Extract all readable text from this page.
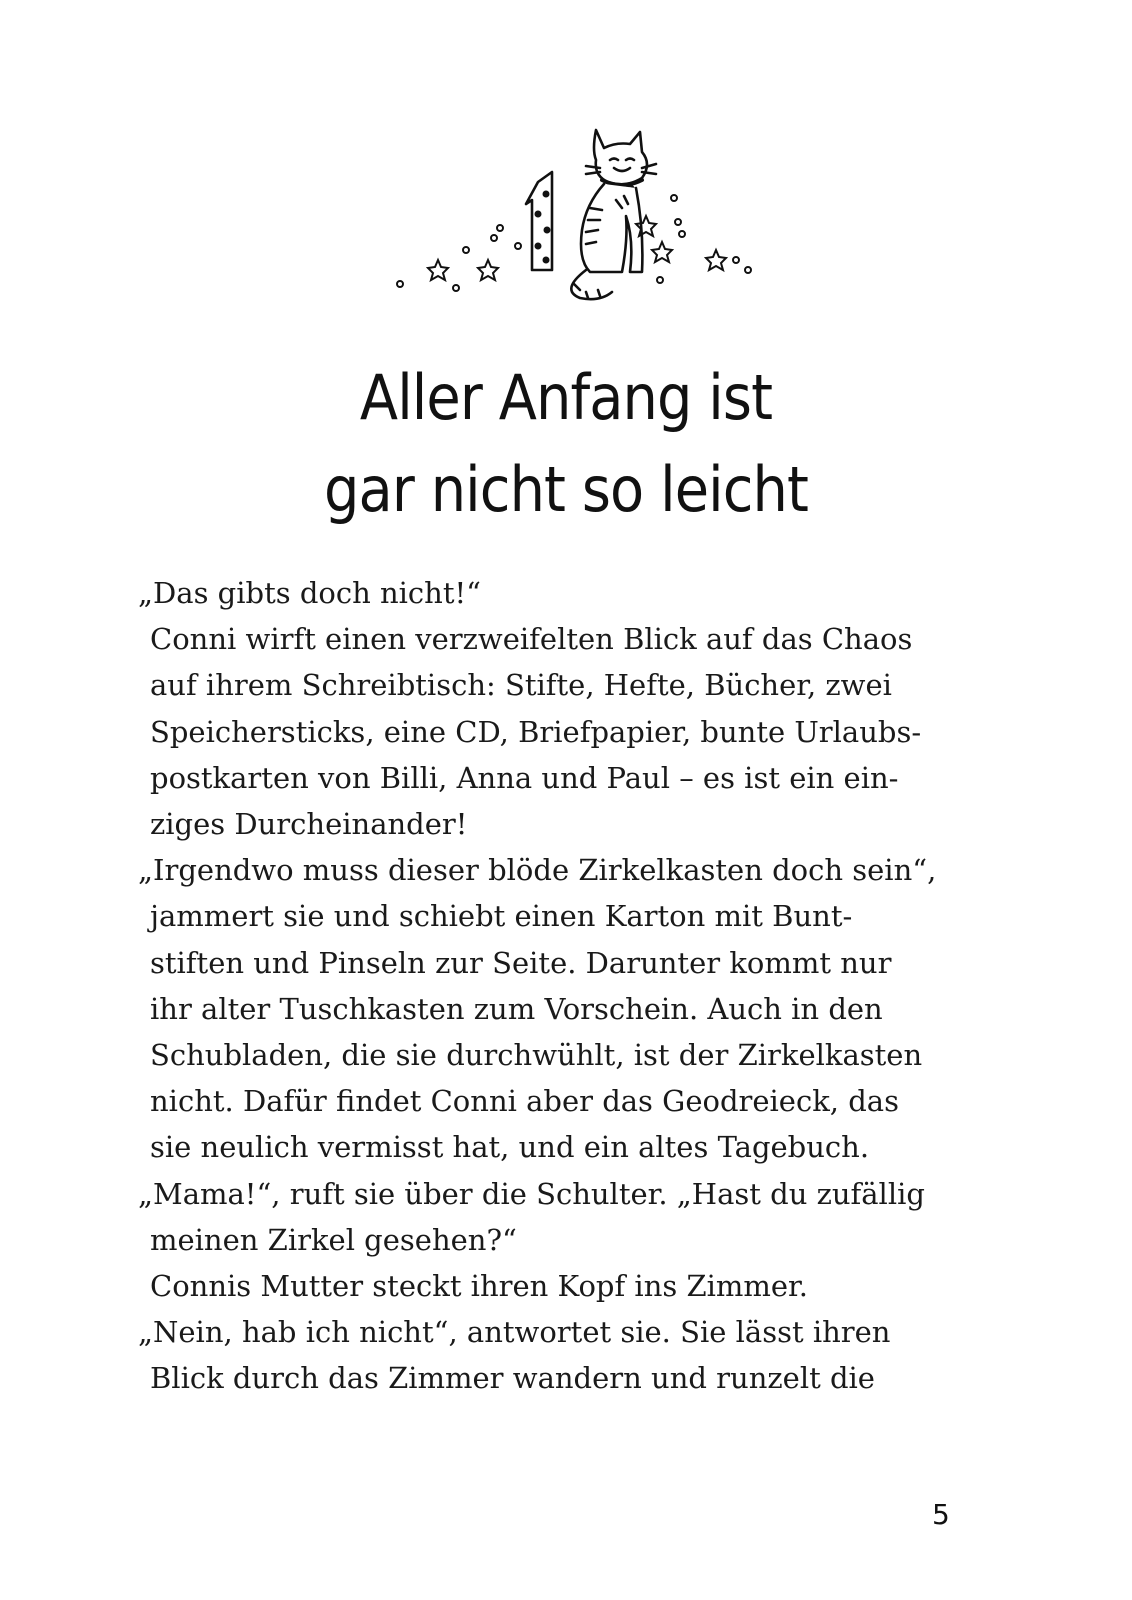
Aller Anfang ist
gar nicht so leicht
„Das gibts doch nicht!“
Conni wirft einen verzweifelten Blick auf das Chaos
auf ihrem Schreibtisch: Stifte, Hefte, Bücher, zwei
Speichersticks, eine CD, Briefpapier, bunte Urlaubs-
postkarten von Billi, Anna und Paul – es ist ein ein-
ziges Durcheinander!
„Irgendwo muss dieser blöde Zirkelkasten doch sein“,
jammert sie und schiebt einen Karton mit Bunt-
stiften und Pinseln zur Seite. Darunter kommt nur
ihr alter Tuschkasten zum Vorschein. Auch in den
Schubladen, die sie durchwühlt, ist der Zirkelkasten
nicht. Dafür findet Conni aber das Geodreieck, das
sie neulich vermisst hat, und ein altes Tagebuch.
„Mama!“, ruft sie über die Schulter. „Hast du zufällig
meinen Zirkel gesehen?“
Connis Mutter steckt ihren Kopf ins Zimmer.
„Nein, hab ich nicht“, antwortet sie. Sie lässt ihren
Blick durch das Zimmer wandern und runzelt die
5
